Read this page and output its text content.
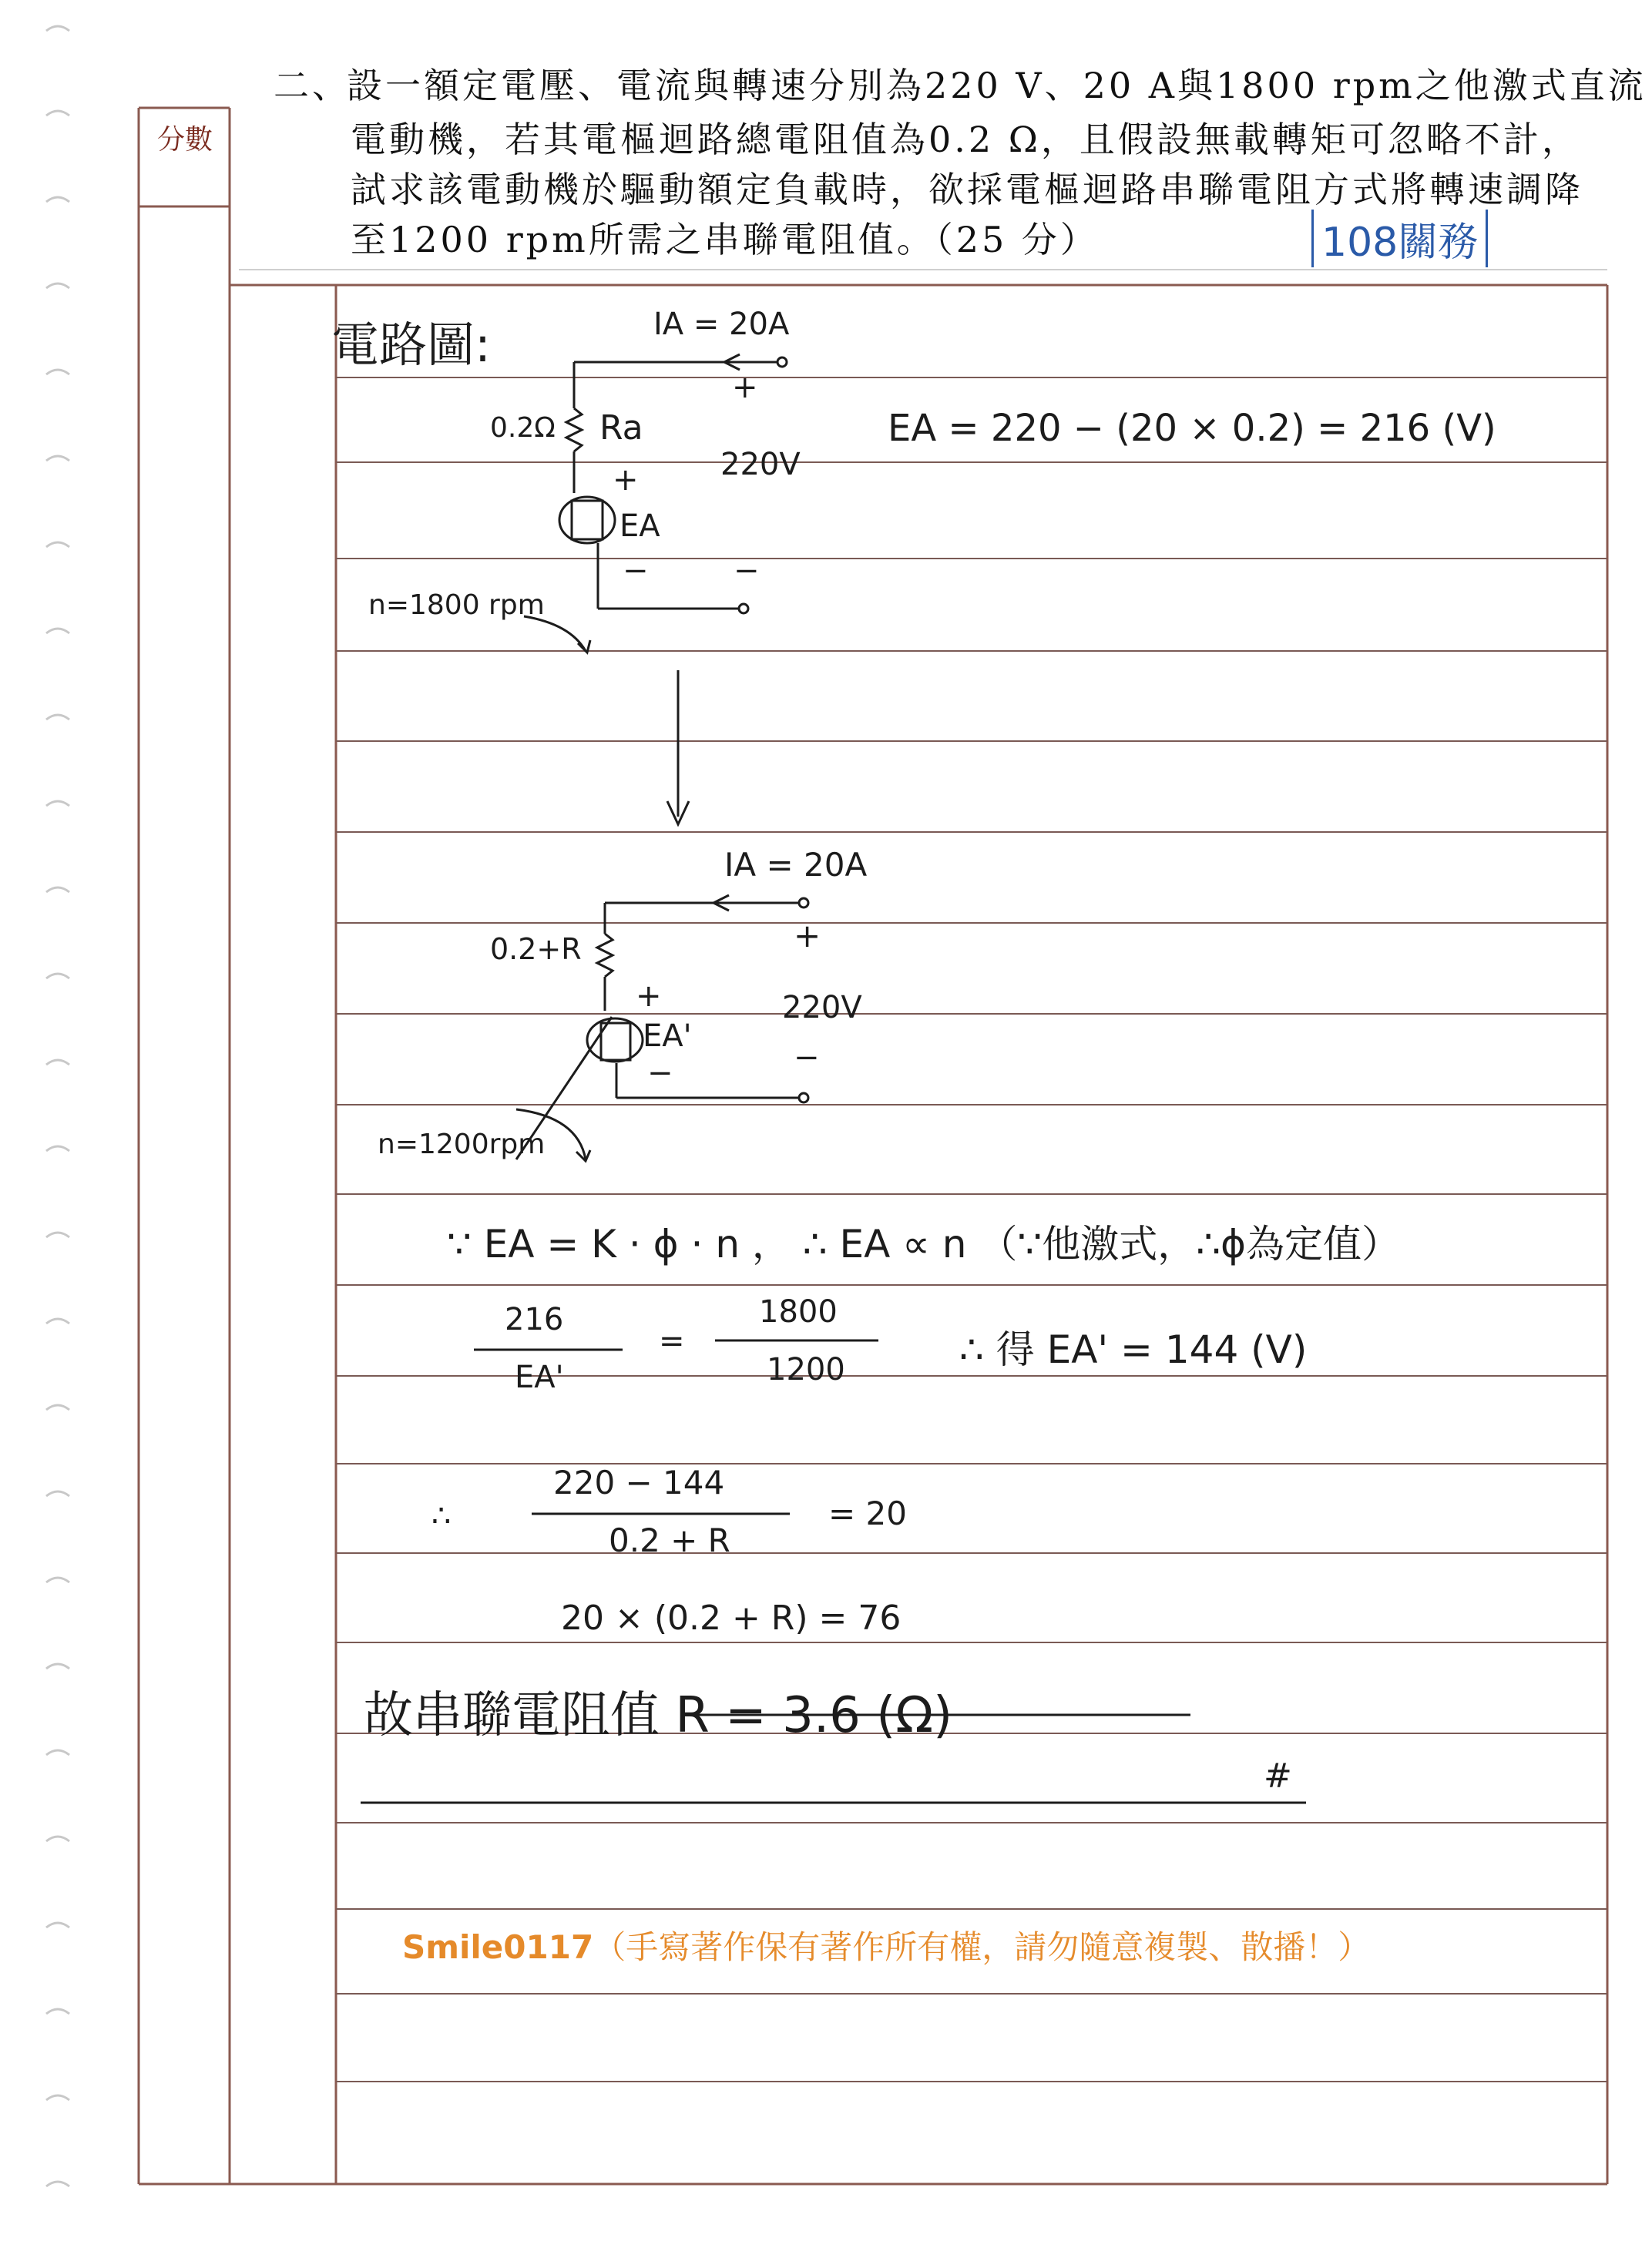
分數
二、
設一額定電壓、電流與轉速分別為220 V、20 A與1800 rpm之他激式直流
電動機，若其電樞迴路總電阻值為0.2 Ω，且假設無載轉矩可忽略不計，
試求該電動機於驅動額定負載時，欲採電樞迴路串聯電阻方式將轉速調降
至1200 rpm所需之串聯電阻值。（25 分）	108關務
電路圖:	IA = 20A
+
0.2Ω Ra
220V
+
EA
−	−
n=1800 rpm
EA = 220 − (20 × 0.2) = 216 (V)
IA = 20A
+
0.2+R
220V
+
EA'
−	−
n=1200rpm
∵ EA = K · ϕ · n ， ∴ EA ∝ n （∵他激式，∴ϕ為定值）
216
EA'
=
1800
1200	∴ 得 EA' = 144 (V)
∴
220 − 144
0.2 + R
= 20
20 × (0.2 + R) = 76
故串聯電阻值 R = 3.6 (Ω)
#
Smile0117（手寫著作保有著作所有權，請勿隨意複製、散播！）
